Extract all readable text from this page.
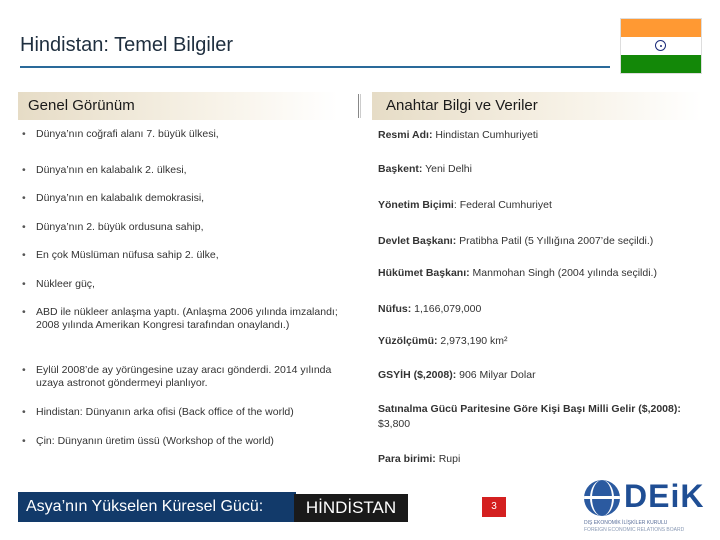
Hindistan: Temel Bilgiler
Genel Görünüm	Anahtar Bilgi ve Veriler
• Dünya’nın coğrafi alanı 7. büyük ülkesi,
• Dünya’nın en kalabalık 2. ülkesi,
• Dünya’nın en kalabalık demokrasisi,
• Dünya’nın 2. büyük ordusuna sahip,
• En çok Müslüman nüfusa sahip 2. ülke,
• Nükleer güç,
• ABD ile nükleer anlaşma yaptı. (Anlaşma 2006 yılında imzalandı; 2008 yılında Amerikan Kongresi tarafından onaylandı.)
• Eylül 2008’de ay yörüngesine uzay aracı gönderdi. 2014 yılında uzaya astronot göndermeyi planlıyor.
• Hindistan: Dünyanın arka ofisi (Back office of the world)
• Çin: Dünyanın üretim üssü (Workshop of the world)
Resmi Adı: Hindistan Cumhuriyeti
Başkent: Yeni Delhi
Yönetim Biçimi: Federal Cumhuriyet
Devlet Başkanı: Pratibha Patil (5 Yıllığına 2007’de seçildi.)
Hükümet Başkanı: Manmohan Singh (2004 yılında seçildi.)
Nüfus: 1,166,079,000
Yüzölçümü: 2,973,190 km²
GSYİH ($,2008): 906 Milyar Dolar
Satınalma Gücü Paritesine Göre Kişi Başı Milli Gelir ($,2008): $3,800
Para birimi: Rupi
Asya’nın Yükselen Küresel Gücü:	HİNDİSTAN	3	DEiK
DIŞ EKONOMİK İLİŞKİLER KURULU
FOREIGN ECONOMIC RELATIONS BOARD
